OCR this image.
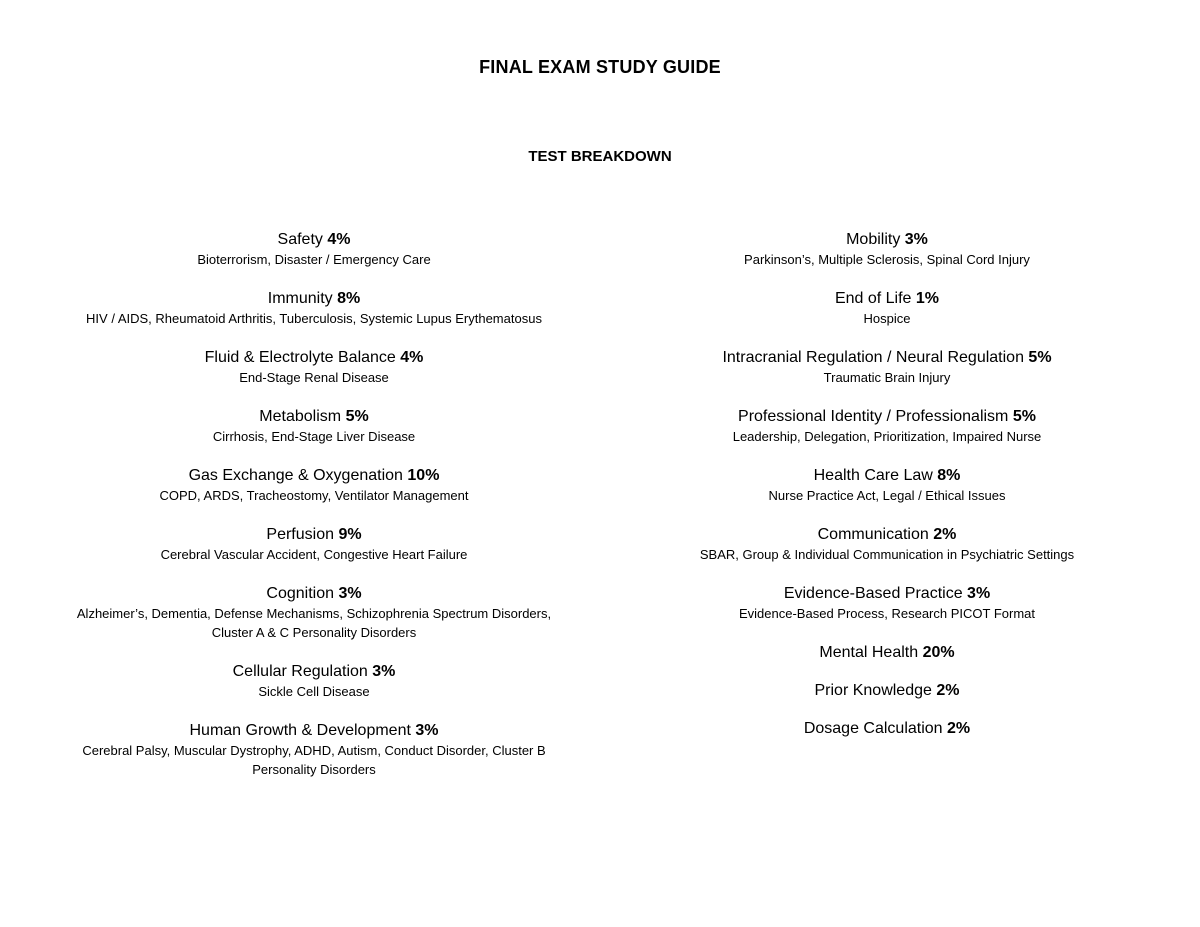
FINAL EXAM STUDY GUIDE
TEST BREAKDOWN
Safety 4%
Bioterrorism, Disaster / Emergency Care
Immunity 8%
HIV / AIDS, Rheumatoid Arthritis, Tuberculosis, Systemic Lupus Erythematosus
Fluid & Electrolyte Balance 4%
End-Stage Renal Disease
Metabolism 5%
Cirrhosis, End-Stage Liver Disease
Gas Exchange & Oxygenation 10%
COPD, ARDS, Tracheostomy, Ventilator Management
Perfusion 9%
Cerebral Vascular Accident, Congestive Heart Failure
Cognition 3%
Alzheimer’s, Dementia, Defense Mechanisms, Schizophrenia Spectrum Disorders, Cluster A & C Personality Disorders
Cellular Regulation 3%
Sickle Cell Disease
Human Growth & Development 3%
Cerebral Palsy, Muscular Dystrophy, ADHD, Autism, Conduct Disorder, Cluster B Personality Disorders
Mobility 3%
Parkinson’s, Multiple Sclerosis, Spinal Cord Injury
End of Life 1%
Hospice
Intracranial Regulation / Neural Regulation 5%
Traumatic Brain Injury
Professional Identity / Professionalism 5%
Leadership, Delegation, Prioritization, Impaired Nurse
Health Care Law 8%
Nurse Practice Act, Legal / Ethical Issues
Communication 2%
SBAR, Group & Individual Communication in Psychiatric Settings
Evidence-Based Practice 3%
Evidence-Based Process, Research PICOT Format
Mental Health 20%
Prior Knowledge 2%
Dosage Calculation 2%
